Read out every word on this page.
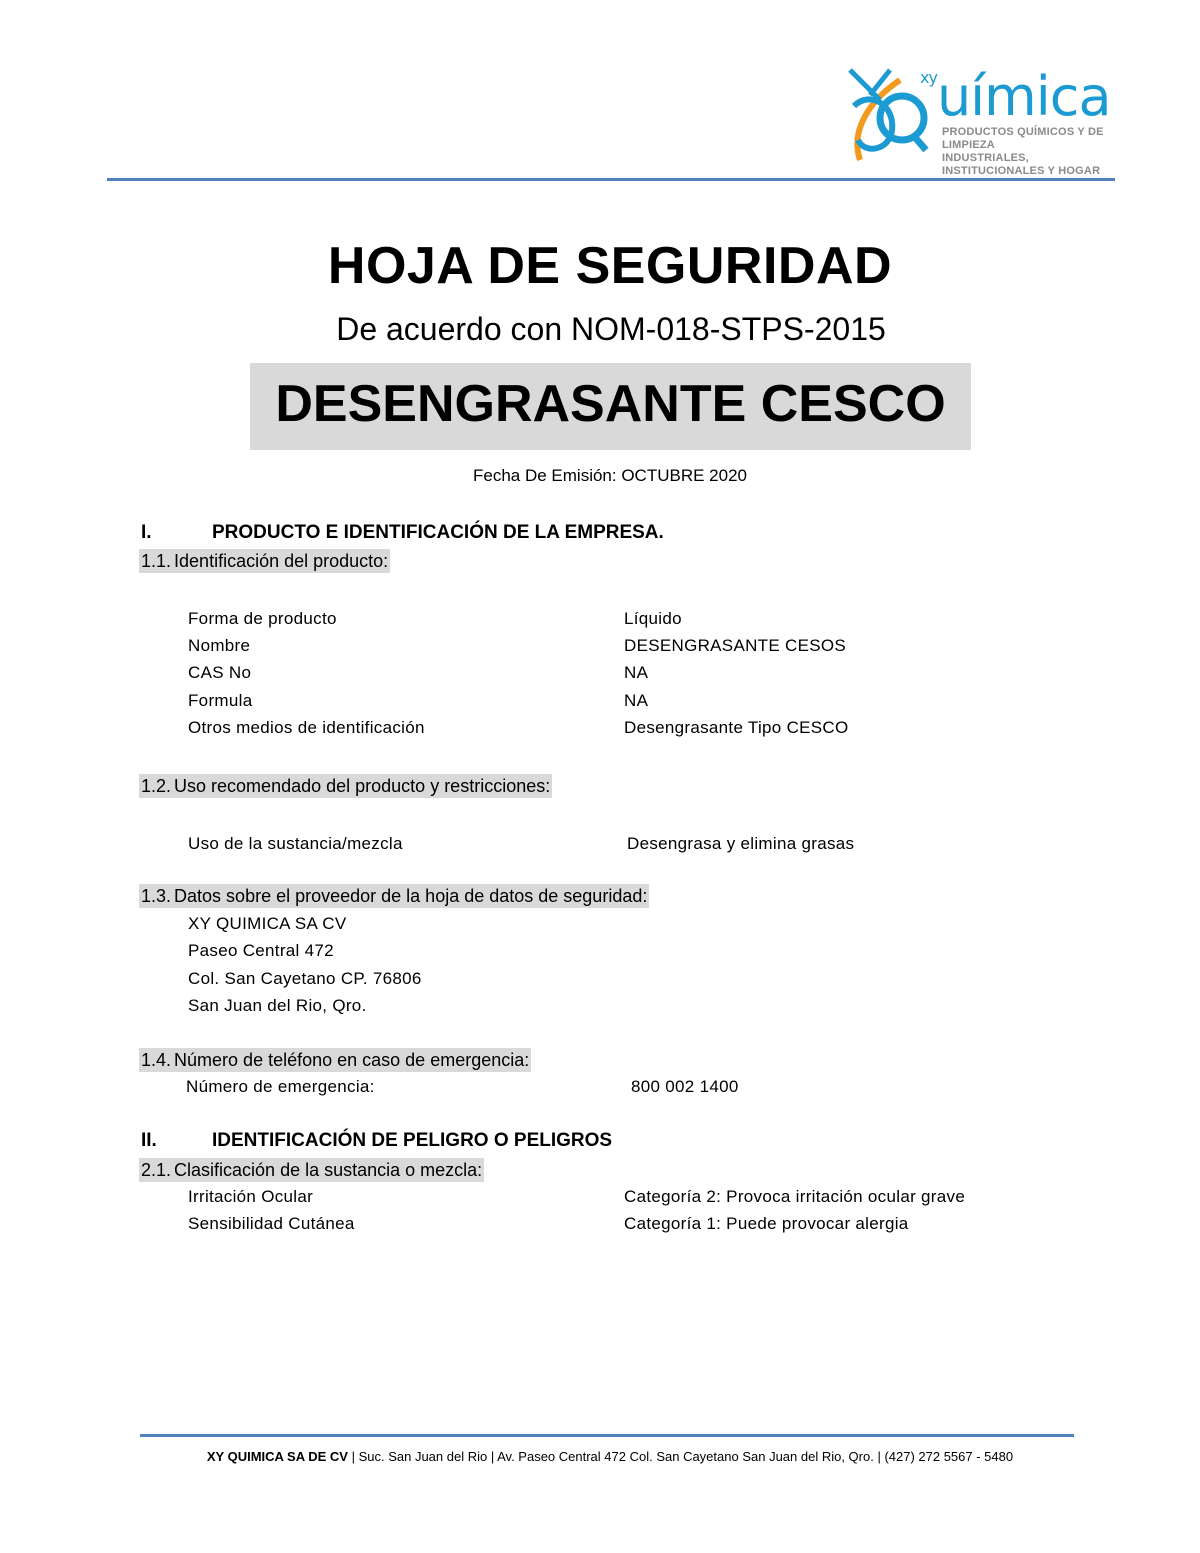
$^{xy}$uímica
PRODUCTOS QUÍMICOS Y DE LIMPIEZA
INDUSTRIALES, INSTITUCIONALES Y HOGAR
HOJA DE SEGURIDAD
De acuerdo con NOM-018-STPS-2015
DESENGRASANTE CESCO
Fecha De Emisión: OCTUBRE 2020
I.	PRODUCTO E IDENTIFICACIÓN DE LA EMPRESA.
1.1. Identificación del producto:
Forma de producto	Líquido
Nombre	DESENGRASANTE CESOS
CAS No	NA
Formula	NA
Otros medios de identificación	Desengrasante Tipo CESCO
1.2. Uso recomendado del producto y restricciones:
Uso de la sustancia/mezcla	Desengrasa y elimina grasas
1.3. Datos sobre el proveedor de la hoja de datos de seguridad:
XY QUIMICA SA CV
Paseo Central 472
Col. San Cayetano CP. 76806
San Juan del Rio, Qro.
1.4. Número de teléfono en caso de emergencia:
Número de emergencia:	800 002 1400
II.	IDENTIFICACIÓN DE PELIGRO O PELIGROS
2.1. Clasificación de la sustancia o mezcla:
Irritación Ocular	Categoría 2: Provoca irritación ocular grave
Sensibilidad Cutánea	Categoría 1: Puede provocar alergia
XY QUIMICA SA DE CV | Suc. San Juan del Rio | Av. Paseo Central 472 Col. San Cayetano San Juan del Rio, Qro. | (427) 272 5567 - 5480
